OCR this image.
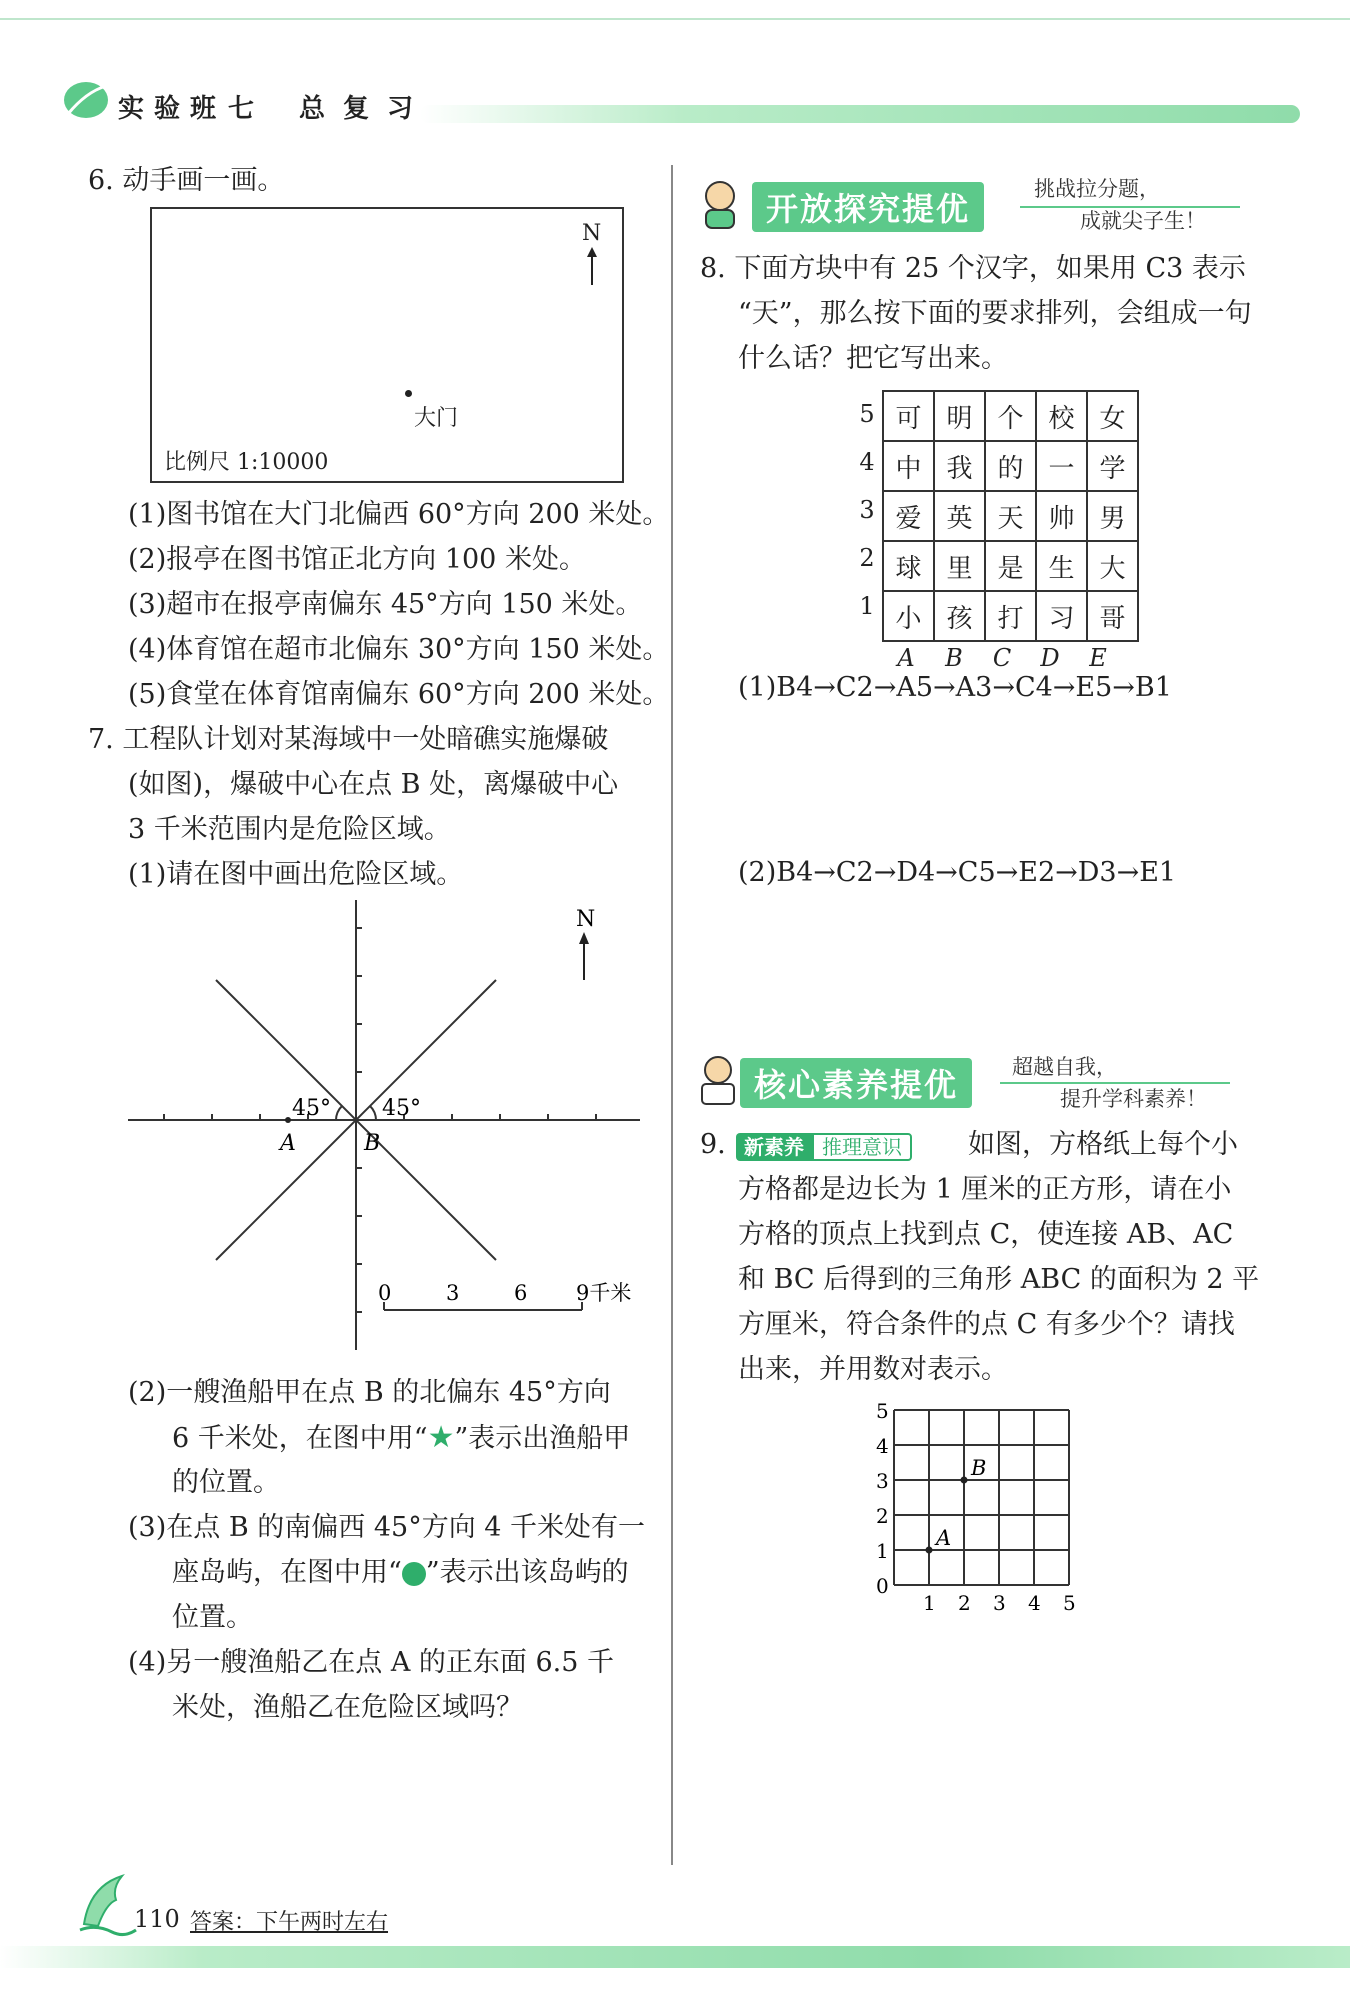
实验班 七 总复习
6. 动手画一画。
N
大门
比例尺 1:10000
(1)图书馆在大门北偏西 60°方向 200 米处。
(2)报亭在图书馆正北方向 100 米处。
(3)超市在报亭南偏东 45°方向 150 米处。
(4)体育馆在超市北偏东 30°方向 150 米处。
(5)食堂在体育馆南偏东 60°方向 200 米处。
7. 工程队计划对某海域中一处暗礁实施爆破
(如图)，爆破中心在点 B 处，离爆破中心
3 千米范围内是危险区域。
(1)请在图中画出危险区域。
45° 45°
A	B
N
0	3	6 9千米
(2)一艘渔船甲在点 B 的北偏东 45°方向
6 千米处，在图中用“★”表示出渔船甲
的位置。
(3)在点 B 的南偏西 45°方向 4 千米处有一
座岛屿，在图中用“ ”表示出该岛屿的
位置。
(4)另一艘渔船乙在点 A 的正东面 6.5 千
米处，渔船乙在危险区域吗？
开放探究提优
挑战拉分题，
成就尖子生！
8. 下面方块中有 25 个汉字，如果用 C3 表示
“天”，那么按下面的要求排列，会组成一句
什么话？把它写出来。
5
4
3
2
1
可	明	个	校	女
中	我	的	一	学
爱	英	天	帅	男
球	里	是	生	大
小	孩	打	习	哥
A B C D E
(1)B4→C2→A5→A3→C4→E5→B1
(2)B4→C2→D4→C5→E2→D3→E1
核心素养提优	超越自我，
提升学科素养！
9. 新素养 推理意识	如图，方格纸上每个小
方格都是边长为 1 厘米的正方形，请在小
方格的顶点上找到点 C，使连接 AB、AC
和 BC 后得到的三角形 ABC 的面积为 2 平
方厘米，符合条件的点 C 有多少个？请找
出来，并用数对表示。
5
4
3
2
1
0
1 2 3 4 5
A
B
110 答案：下午两时左右
